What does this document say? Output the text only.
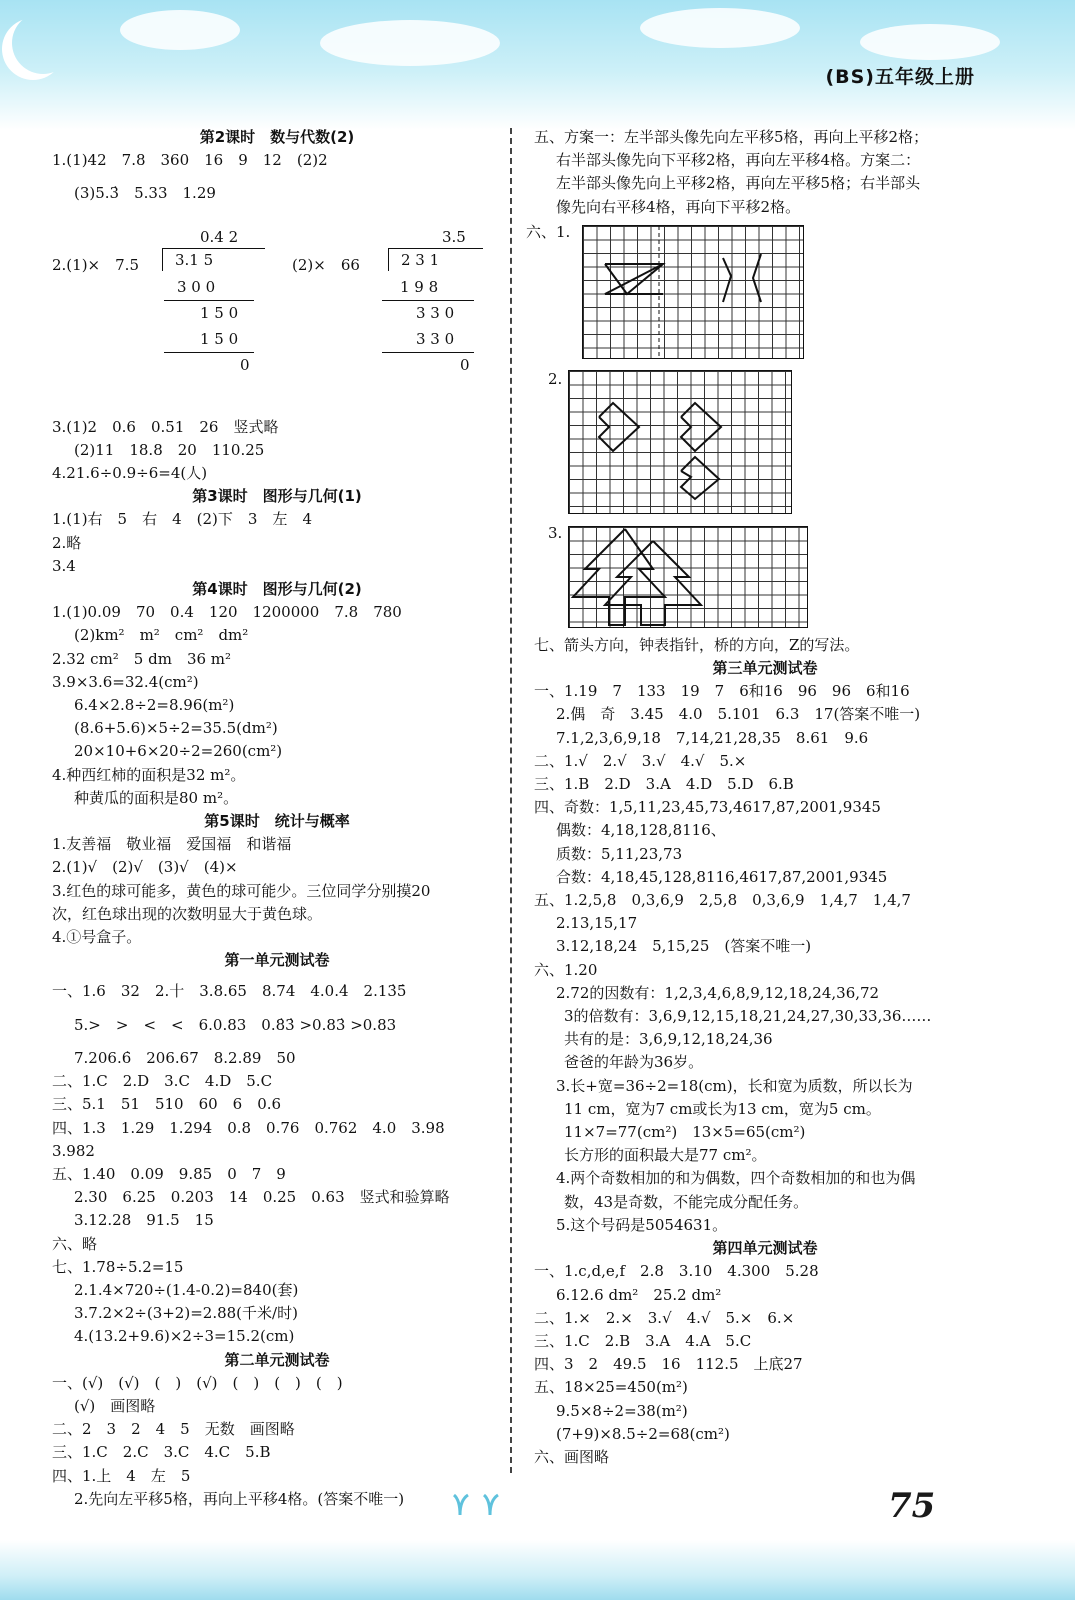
(BS)五年级上册
第2课时　数与代数(2)
1.(1)42　7.8　360　16　9　12　(2)2
(3)5.3̇　5.33　1.29
2.(1)×　7.5
0.4 2
3.1 5
3 0 0
1 5 0
1 5 0
0
(2)×　66
3.5
2 3 1
1 9 8
3 3 0
3 3 0
0
3.(1)2　0.6　0.51　26　竖式略
(2)11　18.8　20　110.25
4.21.6÷0.9÷6=4(人)
第3课时　图形与几何(1)
1.(1)右　5　右　4　(2)下　3　左　4
2.略
3.4
第4课时　图形与几何(2)
1.(1)0.09　70　0.4　120　1200000　7.8　780
(2)km²　m²　cm²　dm²
2.32 cm²　5 dm　36 m²
3.9×3.6=32.4(cm²)
6.4×2.8÷2=8.96(m²)
(8.6+5.6)×5÷2=35.5(dm²)
20×10+6×20÷2=260(cm²)
4.种西红柿的面积是32 m²。
种黄瓜的面积是80 m²。
第5课时　统计与概率
1.友善福　敬业福　爱国福　和谐福
2.(1)√　(2)√　(3)√　(4)×
3.红色的球可能多，黄色的球可能少。三位同学分别摸20
次，红色球出现的次数明显大于黄色球。
4.①号盒子。
第一单元测试卷
一、1.6　32　2.十　3.8.65　8.74　4.0.4̇　2.13̇5̇
5.>　>　<　<　6.0.83　0.8̇3̇ >0.83̇ >0.83
7.206.6̇　206.67　8.2.89　50
二、1.C　2.D　3.C　4.D　5.C
三、5.1　51　510　60　6　0.6
四、1.3　1.29　1.294　0.8　0.76　0.762　4.0　3.98
3.982
五、1.40　0.09　9.85　0　7　9
2.30　6.25　0.203　14　0.25　0.63　竖式和验算略
3.12.28　91.5　15
六、略
七、1.78÷5.2=15
2.1.4×720÷(1.4-0.2)=840(套)
3.7.2×2÷(3+2)=2.88(千米/时)
4.(13.2+9.6)×2÷3=15.2(cm)
第二单元测试卷
一、(√)　(√)　(　)　(√)　(　)　(　)　(　)
(√)　画图略
二、2　3　2　4　5　无数　画图略
三、1.C　2.C　3.C　4.C　5.B
四、1.上　4　左　5
2.先向左平移5格，再向上平移4格。(答案不唯一)
五、方案一：左半部头像先向左平移5格，再向上平移2格；
右半部头像先向下平移2格，再向左平移4格。方案二：
左半部头像先向上平移2格，再向左平移5格；右半部头
像先向右平移4格，再向下平移2格。
六、1.
2.
3.
七、箭头方向，钟表指针，桥的方向，Z的写法。
第三单元测试卷
一、1.19　7　133　19　7　6和16　96　96　6和16
2.偶　奇　3.45　4.0　5.101　6.3　17(答案不唯一)
7.1,2,3,6,9,18　7,14,21,28,35　8.61　9.6
二、1.√　2.√　3.√　4.√　5.×
三、1.B　2.D　3.A　4.D　5.D　6.B
四、奇数：1,5,11,23,45,73,4617,87,2001,9345
偶数：4,18,128,8116、
质数：5,11,23,73
合数：4,18,45,128,8116,4617,87,2001,9345
五、1.2,5,8　0,3,6,9　2,5,8　0,3,6,9　1,4,7　1,4,7
2.13,15,17
3.12,18,24　5,15,25　(答案不唯一)
六、1.20
2.72的因数有：1,2,3,4,6,8,9,12,18,24,36,72
3的倍数有：3,6,9,12,15,18,21,24,27,30,33,36……
共有的是：3,6,9,12,18,24,36
爸爸的年龄为36岁。
3.长+宽=36÷2=18(cm)，长和宽为质数，所以长为
11 cm，宽为7 cm或长为13 cm，宽为5 cm。
11×7=77(cm²)　13×5=65(cm²)
长方形的面积最大是77 cm²。
4.两个奇数相加的和为偶数，四个奇数相加的和也为偶
数，43是奇数，不能完成分配任务。
5.这个号码是5054631。
第四单元测试卷
一、1.c,d,e,f　2.8　3.10　4.300　5.28
6.12.6 dm²　25.2 dm²
二、1.×　2.×　3.√　4.√　5.×　6.×
三、1.C　2.B　3.A　4.A　5.C
四、3　2　49.5　16　112.5　上底27
五、18×25=450(m²)
9.5×8÷2=38(m²)
(7+9)×8.5÷2=68(cm²)
六、画图略
75
